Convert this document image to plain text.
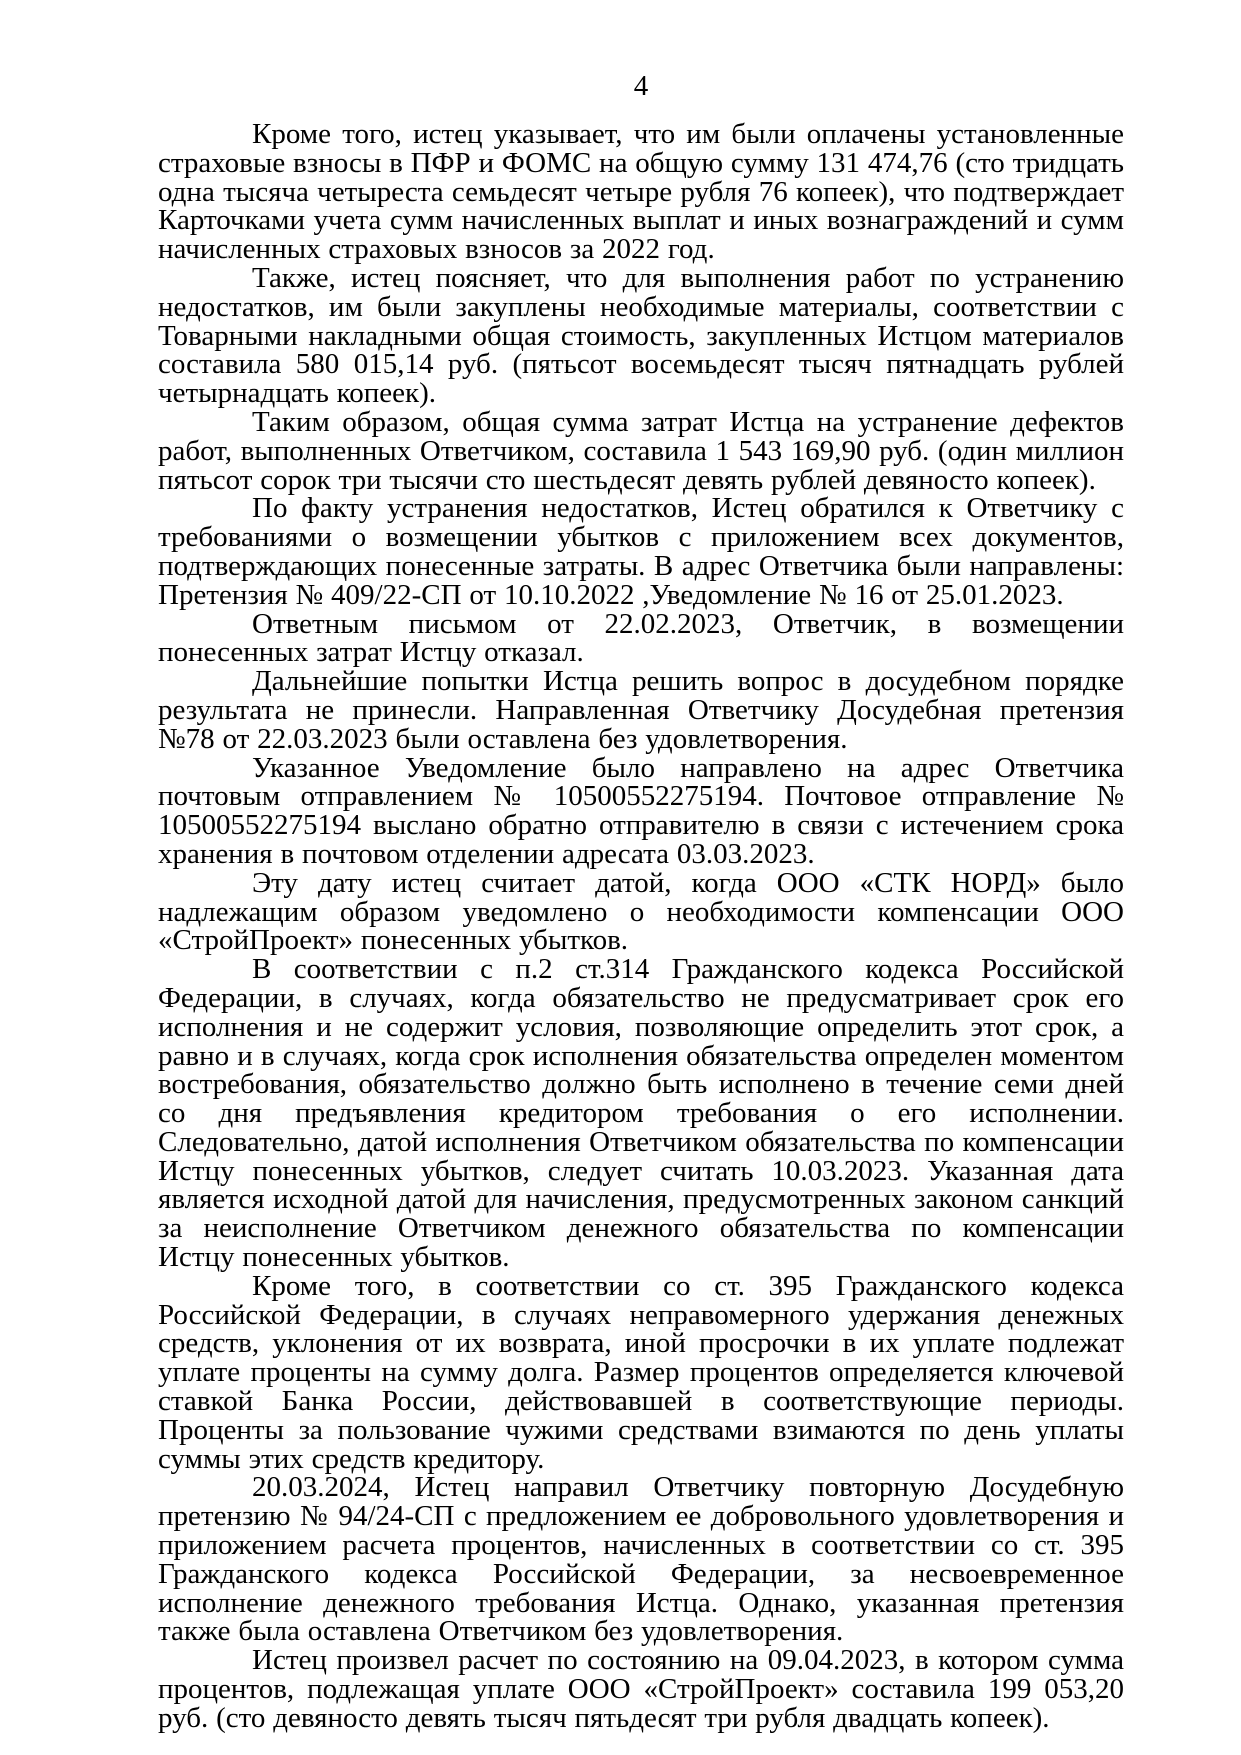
4

Кроме того, истец указывает, что им были оплачены установленные страховые взносы в ПФР и ФОМС на общую сумму 131 474,76 (сто тридцать одна тысяча четыреста семьдесят четыре рубля 76 копеек), что подтверждает Карточками учета сумм начисленных выплат и иных вознаграждений и сумм начисленных страховых взносов за 2022 год.

Также, истец поясняет, что для выполнения работ по устранению недостатков, им были закуплены необходимые материалы, соответствии с Товарными накладными общая стоимость, закупленных Истцом материалов составила 580 015,14 руб. (пятьсот восемьдесят тысяч пятнадцать рублей четырнадцать копеек).

Таким образом, общая сумма затрат Истца на устранение дефектов работ, выполненных Ответчиком, составила 1 543 169,90 руб. (один миллион пятьсот сорок три тысячи сто шестьдесят девять рублей девяносто копеек).

По факту устранения недостатков, Истец обратился к Ответчику с требованиями о возмещении убытков с приложением всех документов, подтверждающих понесенные затраты. В адрес Ответчика были направлены: Претензия № 409/22-СП от 10.10.2022 ,Уведомление № 16 от 25.01.2023.

Ответным письмом от 22.02.2023, Ответчик, в возмещении понесенных затрат Истцу отказал.

Дальнейшие попытки Истца решить вопрос в досудебном порядке результата не принесли. Направленная Ответчику Досудебная претензия №78 от 22.03.2023 были оставлена без удовлетворения.

Указанное Уведомление было направлено на адрес Ответчика почтовым отправлением № 10500552275194. Почтовое отправление № 10500552275194 выслано обратно отправителю в связи с истечением срока хранения в почтовом отделении адресата 03.03.2023.

Эту дату истец считает датой, когда ООО «СТК НОРД» было надлежащим образом уведомлено о необходимости компенсации ООО «СтройПроект» понесенных убытков.

В соответствии с п.2 ст.314 Гражданского кодекса Российской Федерации, в случаях, когда обязательство не предусматривает срок его исполнения и не содержит условия, позволяющие определить этот срок, а равно и в случаях, когда срок исполнения обязательства определен моментом востребования, обязательство должно быть исполнено в течение семи дней со дня предъявления кредитором требования о его исполнении. Следовательно, датой исполнения Ответчиком обязательства по компенсации Истцу понесенных убытков, следует считать 10.03.2023. Указанная дата является исходной датой для начисления, предусмотренных законом санкций за неисполнение Ответчиком денежного обязательства по компенсации Истцу понесенных убытков.

Кроме того, в соответствии со ст. 395 Гражданского кодекса Российской Федерации, в случаях неправомерного удержания денежных средств, уклонения от их возврата, иной просрочки в их уплате подлежат уплате проценты на сумму долга. Размер процентов определяется ключевой ставкой Банка России, действовавшей в соответствующие периоды. Проценты за пользование чужими средствами взимаются по день уплаты суммы этих средств кредитору.

20.03.2024, Истец направил Ответчику повторную Досудебную претензию № 94/24-СП с предложением ее добровольного удовлетворения и приложением расчета процентов, начисленных в соответствии со ст. 395 Гражданского кодекса Российской Федерации, за несвоевременное исполнение денежного требования Истца. Однако, указанная претензия также была оставлена Ответчиком без удовлетворения.

Истец произвел расчет по состоянию на 09.04.2023, в котором сумма процентов, подлежащая уплате ООО «СтройПроект» составила 199 053,20 руб. (сто девяносто девять тысяч пятьдесят три рубля двадцать копеек).
